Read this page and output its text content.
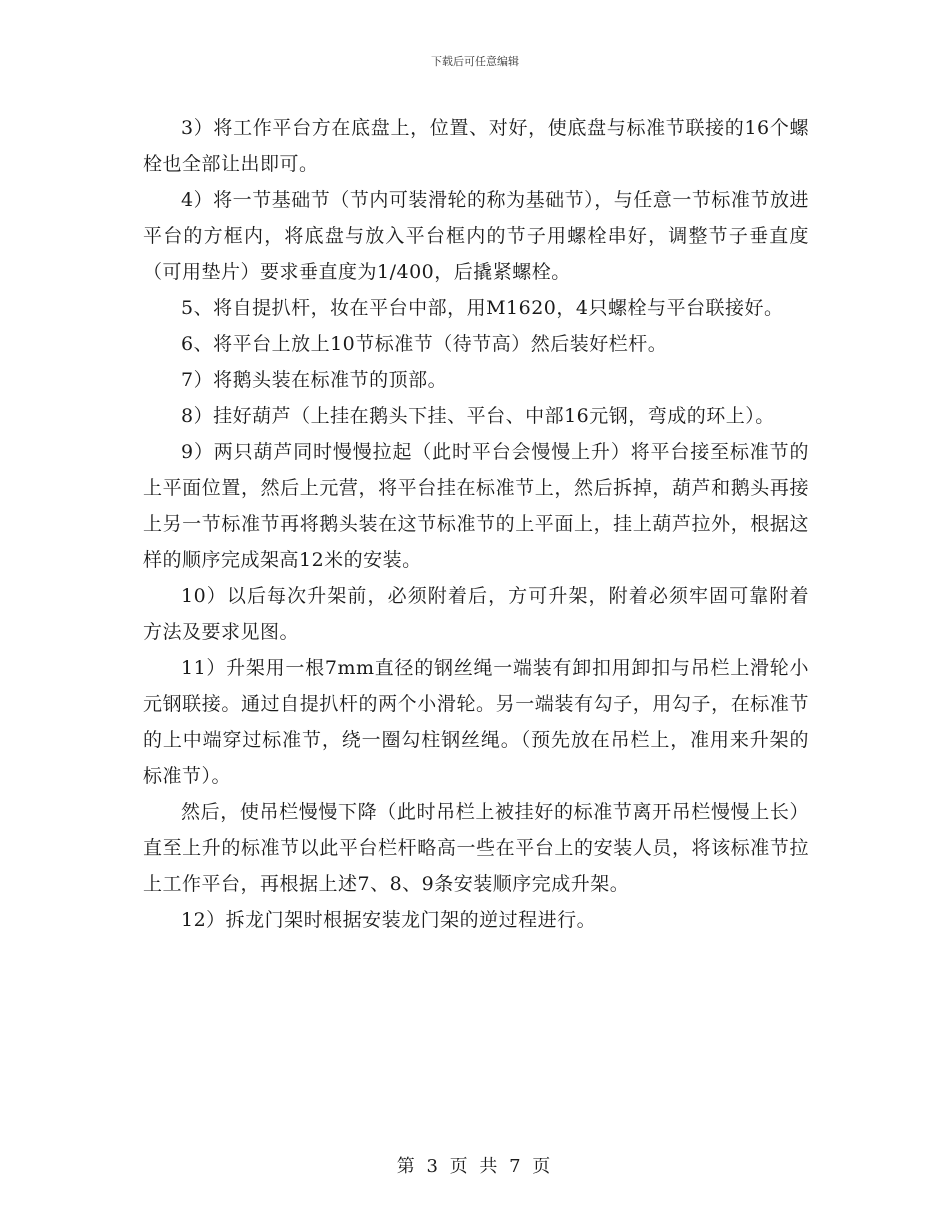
下载后可任意编辑

3）将工作平台方在底盘上，位置、对好，使底盘与标准节联接的16个螺栓也全部让出即可。

4）将一节基础节（节内可装滑轮的称为基础节），与任意一节标准节放进平台的方框内，将底盘与放入平台框内的节子用螺栓串好，调整节子垂直度（可用垫片）要求垂直度为1/400，后撬紧螺栓。

5、将自提扒杆，妆在平台中部，用M1620，4只螺栓与平台联接好。

6、将平台上放上10节标准节（待节高）然后装好栏杆。

7）将鹅头装在标准节的顶部。

8）挂好葫芦（上挂在鹅头下挂、平台、中部16元钢，弯成的环上）。

9）两只葫芦同时慢慢拉起（此时平台会慢慢上升）将平台接至标准节的上平面位置，然后上元营，将平台挂在标准节上，然后拆掉，葫芦和鹅头再接上另一节标准节再将鹅头装在这节标准节的上平面上，挂上葫芦拉外，根据这样的顺序完成架高12米的安装。

10）以后每次升架前，必须附着后，方可升架，附着必须牢固可靠附着方法及要求见图。

11）升架用一根7mm直径的钢丝绳一端装有卸扣用卸扣与吊栏上滑轮小元钢联接。通过自提扒杆的两个小滑轮。另一端装有勾子，用勾子，在标准节的上中端穿过标准节，绕一圈勾柱钢丝绳。（预先放在吊栏上，准用来升架的标准节）。

然后，使吊栏慢慢下降（此时吊栏上被挂好的标准节离开吊栏慢慢上长）直至上升的标准节以此平台栏杆略高一些在平台上的安装人员，将该标准节拉上工作平台，再根据上述7、8、9条安装顺序完成升架。

12）拆龙门架时根据安装龙门架的逆过程进行。

第 3 页 共 7 页
